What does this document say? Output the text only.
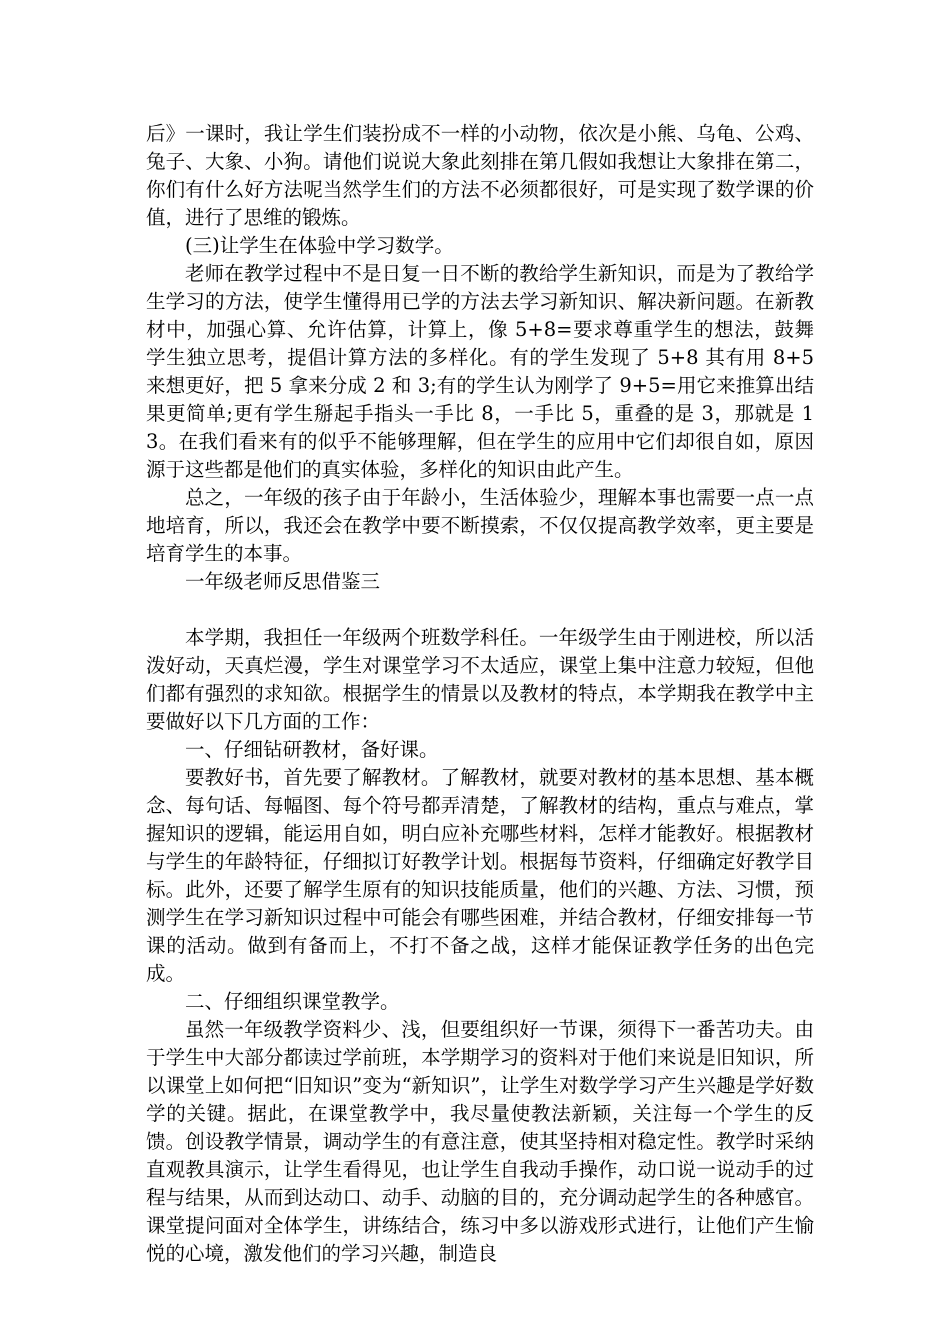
后》一课时，我让学生们装扮成不一样的小动物，依次是小熊、乌龟、公鸡、兔子、大象、小狗。请他们说说大象此刻排在第几假如我想让大象排在第二，你们有什么好方法呢当然学生们的方法不必须都很好，可是实现了数学课的价值，进行了思维的锻炼。

(三)让学生在体验中学习数学。

老师在教学过程中不是日复一日不断的教给学生新知识，而是为了教给学生学习的方法，使学生懂得用已学的方法去学习新知识、解决新问题。在新教材中，加强心算、允许估算，计算上，像 5+8=要求尊重学生的想法，鼓舞学生独立思考，提倡计算方法的多样化。有的学生发现了 5+8 其有用 8+5 来想更好，把 5 拿来分成 2 和 3;有的学生认为刚学了 9+5=用它来推算出结果更简单;更有学生掰起手指头一手比 8，一手比 5，重叠的是 3，那就是 13。在我们看来有的似乎不能够理解，但在学生的应用中它们却很自如，原因源于这些都是他们的真实体验，多样化的知识由此产生。

总之，一年级的孩子由于年龄小，生活体验少，理解本事也需要一点一点地培育，所以，我还会在教学中要不断摸索，不仅仅提高教学效率，更主要是培育学生的本事。

一年级老师反思借鉴三

本学期，我担任一年级两个班数学科任。一年级学生由于刚进校，所以活泼好动，天真烂漫，学生对课堂学习不太适应，课堂上集中注意力较短，但他们都有强烈的求知欲。根据学生的情景以及教材的特点，本学期我在教学中主要做好以下几方面的工作：

一、仔细钻研教材，备好课。

要教好书，首先要了解教材。了解教材，就要对教材的基本思想、基本概念、每句话、每幅图、每个符号都弄清楚，了解教材的结构，重点与难点，掌握知识的逻辑，能运用自如，明白应补充哪些材料，怎样才能教好。根据教材与学生的年龄特征，仔细拟订好教学计划。根据每节资料，仔细确定好教学目标。此外，还要了解学生原有的知识技能质量，他们的兴趣、方法、习惯，预测学生在学习新知识过程中可能会有哪些困难，并结合教材，仔细安排每一节课的活动。做到有备而上，不打不备之战，这样才能保证教学任务的出色完成。

二、仔细组织课堂教学。

虽然一年级教学资料少、浅，但要组织好一节课，须得下一番苦功夫。由于学生中大部分都读过学前班，本学期学习的资料对于他们来说是旧知识，所以课堂上如何把“旧知识”变为“新知识”，让学生对数学学习产生兴趣是学好数学的关键。据此，在课堂教学中，我尽量使教法新颖，关注每一个学生的反馈。创设教学情景，调动学生的有意注意，使其坚持相对稳定性。教学时采纳直观教具演示，让学生看得见，也让学生自我动手操作，动口说一说动手的过程与结果，从而到达动口、动手、动脑的目的，充分调动起学生的各种感官。课堂提问面对全体学生，讲练结合，练习中多以游戏形式进行，让他们产生愉悦的心境，激发他们的学习兴趣，制造良
